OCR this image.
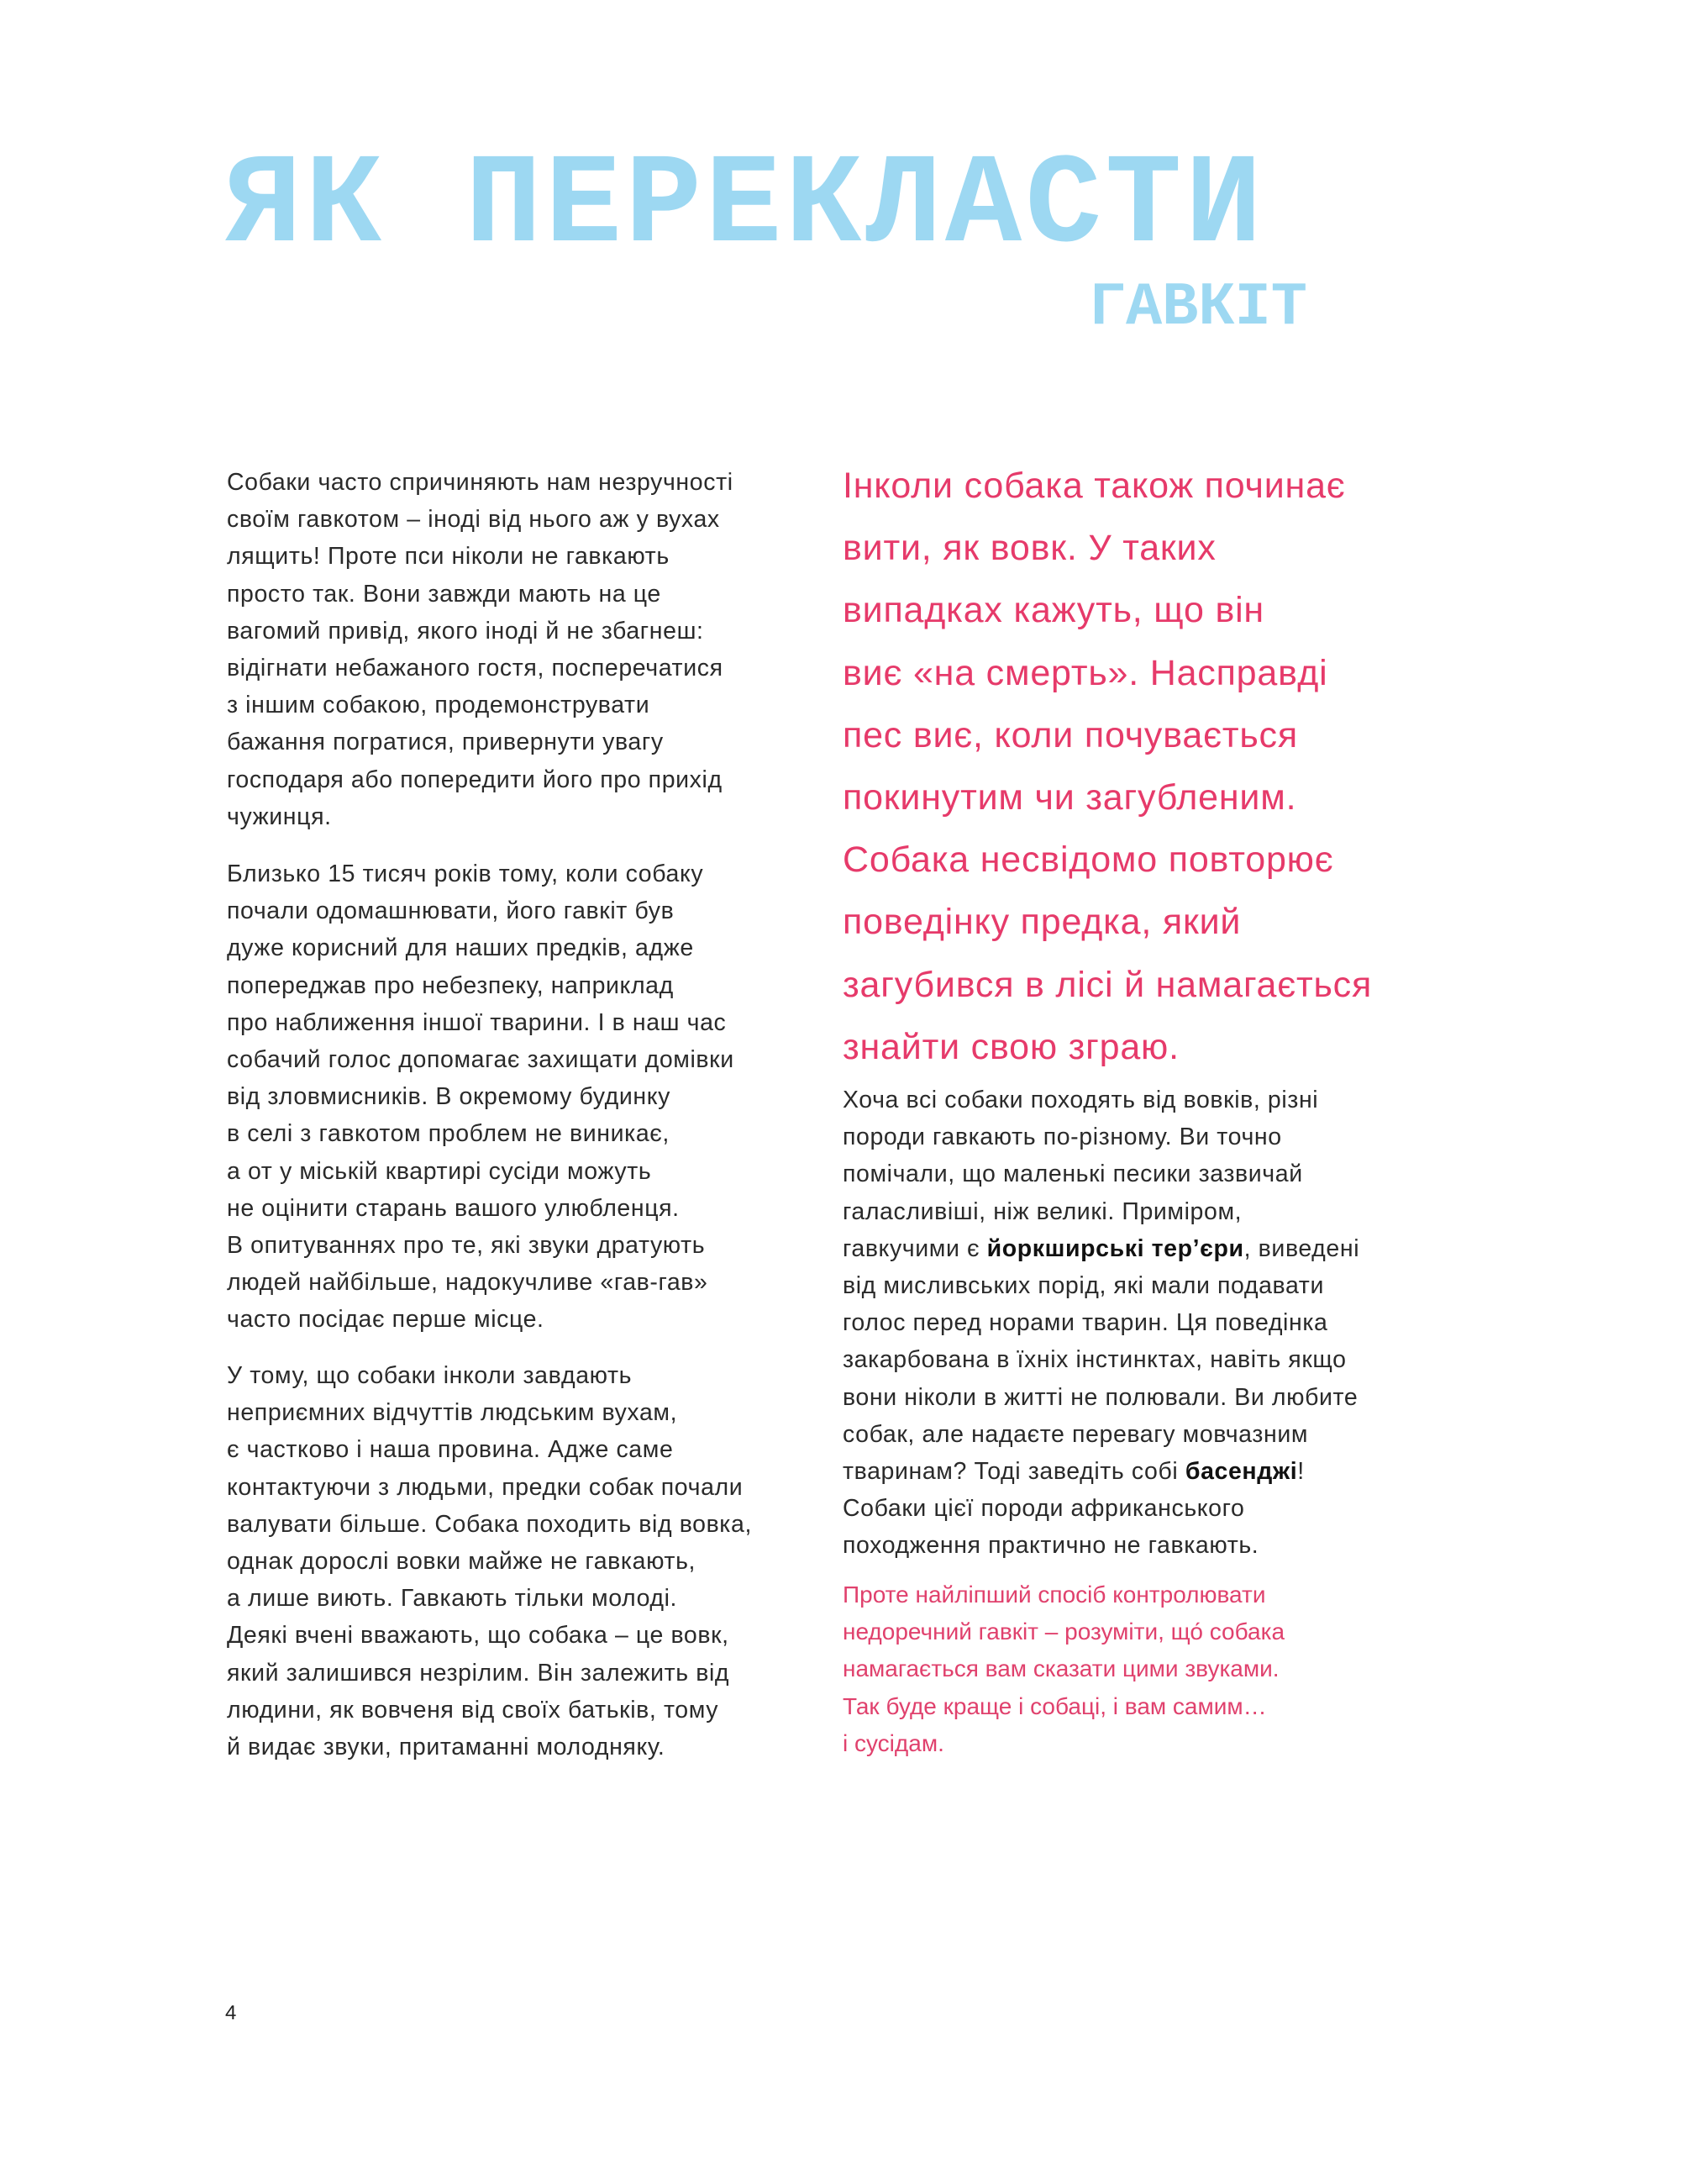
ЯК ПЕРЕКЛАСТИ
ГАВКІТ
Собаки часто спричиняють нам незручності
своїм гавкотом – іноді від нього аж у вухах
лящить! Проте пси ніколи не гавкають
просто так. Вони завжди мають на це
вагомий привід, якого іноді й не збагнеш:
відігнати небажаного гостя, посперечатися
з іншим собакою, продемонструвати
бажання погратися, привернути увагу
господаря або попередити його про прихід
чужинця.
Близько 15 тисяч років тому, коли собаку
почали одомашнювати, його гавкіт був
дуже корисний для наших предків, адже
попереджав про небезпеку, наприклад
про наближення іншої тварини. І в наш час
собачий голос допомагає захищати домівки
від зловмисників. В окремому будинку
в селі з гавкотом проблем не виникає,
а от у міській квартирі сусіди можуть
не оцінити старань вашого улюбленця.
В опитуваннях про те, які звуки дратують
людей найбільше, надокучливе «гав-гав»
часто посідає перше місце.
У тому, що собаки інколи завдають
неприємних відчуттів людським вухам,
є частково і наша провина. Адже саме
контактуючи з людьми, предки собак почали
валувати більше. Собака походить від вовка,
однак дорослі вовки майже не гавкають,
а лише виють. Гавкають тільки молоді.
Деякі вчені вважають, що собака – це вовк,
який залишився незрілим. Він залежить від
людини, як вовченя від своїх батьків, тому
й видає звуки, притаманні молодняку.
Інколи собака також починає
вити, як вовк. У таких
випадках кажуть, що він
виє «на смерть». Насправді
пес виє, коли почувається
покинутим чи загубленим.
Собака несвідомо повторює
поведінку предка, який
загубився в лісі й намагається
знайти свою зграю.
Хоча всі собаки походять від вовків, різні
породи гавкають по-різному. Ви точно
помічали, що маленькі песики зазвичай
галасливіші, ніж великі. Приміром,
гавкучими є йоркширські тер’єри, виведені
від мисливських порід, які мали подавати
голос перед норами тварин. Ця поведінка
закарбована в їхніх інстинктах, навіть якщо
вони ніколи в житті не полювали. Ви любите
собак, але надаєте перевагу мовчазним
тваринам? Тоді заведіть собі басенджі!
Собаки цієї породи африканського
походження практично не гавкають.
Проте найліпший спосіб контролювати
недоречний гавкіт – розуміти, що́ собака
намагається вам сказати цими звуками.
Так буде краще і собаці, і вам самим…
і сусідам.
4
